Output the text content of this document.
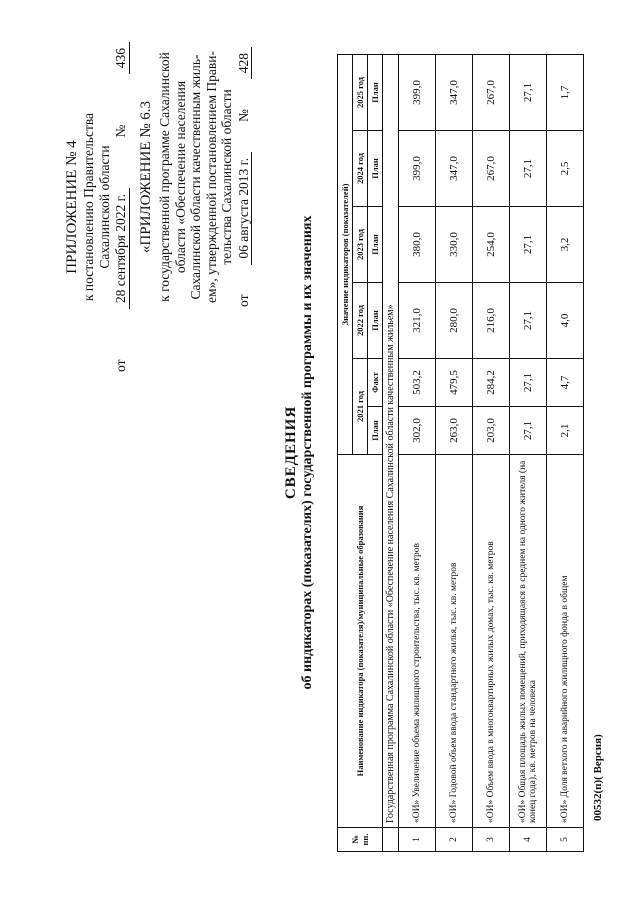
ПРИЛОЖЕНИЕ № 4 к постановлению Правительства Сахалинской области
от
28 сентября 2022 г.
№
436
«ПРИЛОЖЕНИЕ № 6.3 к государственной программе Сахалинской области «Обеспечение населения Сахалинской области качественным жиль- ем», утвержденной постановлением Прави- тельства Сахалинской области
от
06 августа 2013 г.
№
428
СВЕДЕНИЯ об индикаторах (показателях) государственной программы и их значениях
№ пп.	Наименование индикатора (показателя)/муниципальные образования	Значение индикаторов (показателей)					
		2021 год		2022 год	2023 год	2024 год	2025 год
		План	Факт	План	План	План	План
	Государственная программа Сахалинской области «Обеспечение населения Сахалинской области качественным жильем»						
1	«ОИ» Увеличение объема жилищного строительства, тыс. кв. метров	302,0	503,2	321,0	380,0	399,0	399,0
2	«ОИ» Годовой объем ввода стандартного жилья, тыс. кв. метров	263,0	479,5	280,0	330,0	347,0	347,0
3	«ОИ» Объем ввода в многоквартирных жилых домах, тыс. кв. метров	203,0	284,2	216,0	254,0	267,0	267,0
4	«ОИ» Общая площадь жилых помещений, приходящаяся в среднем на одного жителя (на конец года), кв. метров на человека	27,1	27,1	27,1	27,1	27,1	27,1
5	«ОИ» Доля ветхого и аварийного жилищного фонда в общем	2,1	4,7	4,0	3,2	2,5	1,7
00532(п)( Версия)
